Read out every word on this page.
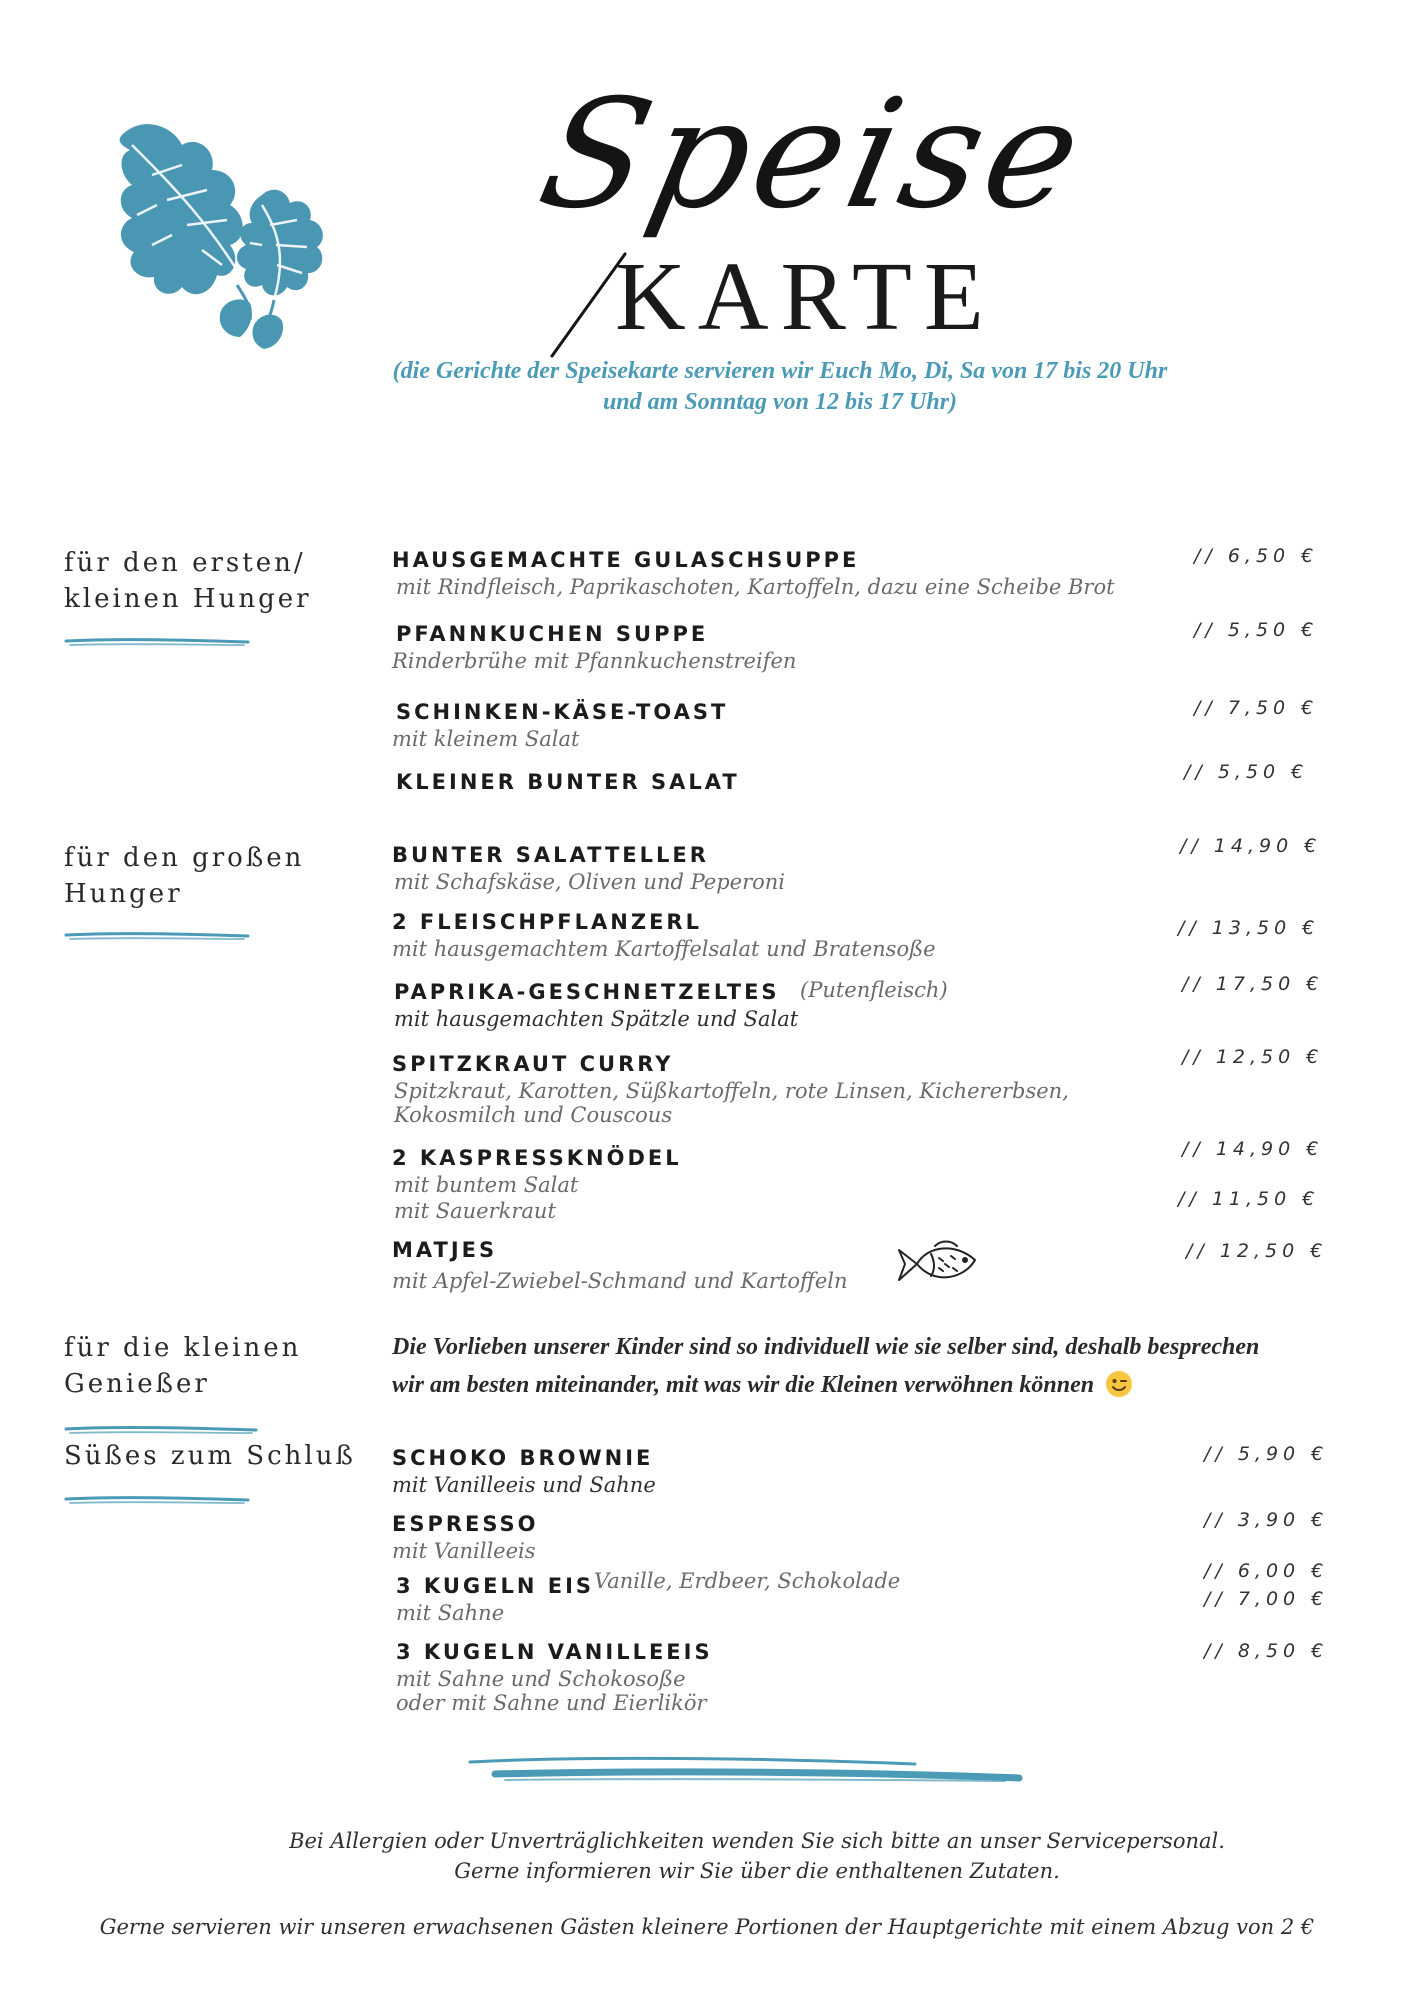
Speise
KARTE
(die Gerichte der Speisekarte servieren wir Euch Mo, Di, Sa von 17 bis 20 Uhr
und am Sonntag von 12 bis 17 Uhr)
für den ersten/
kleinen Hunger
HAUSGEMACHTE GULASCHSUPPE
mit Rindfleisch, Paprikaschoten, Kartoffeln, dazu eine Scheibe Brot
// 6,50 €
PFANNKUCHEN SUPPE
Rinderbrühe mit Pfannkuchenstreifen
// 5,50 €
SCHINKEN-KÄSE-TOAST
mit kleinem Salat
// 7,50 €
KLEINER BUNTER SALAT	// 5,50 €
für den großen
Hunger
BUNTER SALATTELLER
mit Schafskäse, Oliven und Peperoni
// 14,90 €
2 FLEISCHPFLANZERL
mit hausgemachtem Kartoffelsalat und Bratensoße
// 13,50 €
PAPRIKA-GESCHNETZELTES (Putenfleisch)
mit hausgemachten Spätzle und Salat
// 17,50 €
SPITZKRAUT CURRY
Spitzkraut, Karotten, Süßkartoffeln, rote Linsen, Kichererbsen,
Kokosmilch und Couscous
// 12,50 €
2 KASPRESSKNÖDEL
mit buntem Salat
mit Sauerkraut
// 14,90 €
// 11,50 €
MATJES
mit Apfel-Zwiebel-Schmand und Kartoffeln
// 12,50 €
für die kleinen
Genießer
Die Vorlieben unserer Kinder sind so individuell wie sie selber sind, deshalb besprechen
wir am besten miteinander, mit was wir die Kleinen verwöhnen können
Süßes zum Schluß	SCHOKO BROWNIE
mit Vanilleeis und Sahne
// 5,90 €
ESPRESSO
mit Vanilleeis
// 3,90 €
3 KUGELN EIS Vanille, Erdbeer, Schokolade
mit Sahne
// 6,00 €
// 7,00 €
3 KUGELN VANILLEEIS
mit Sahne und Schokosoße
oder mit Sahne und Eierlikör
// 8,50 €
Bei Allergien oder Unverträglichkeiten wenden Sie sich bitte an unser Servicepersonal.
Gerne informieren wir Sie über die enthaltenen Zutaten.
Gerne servieren wir unseren erwachsenen Gästen kleinere Portionen der Hauptgerichte mit einem Abzug von 2 €
